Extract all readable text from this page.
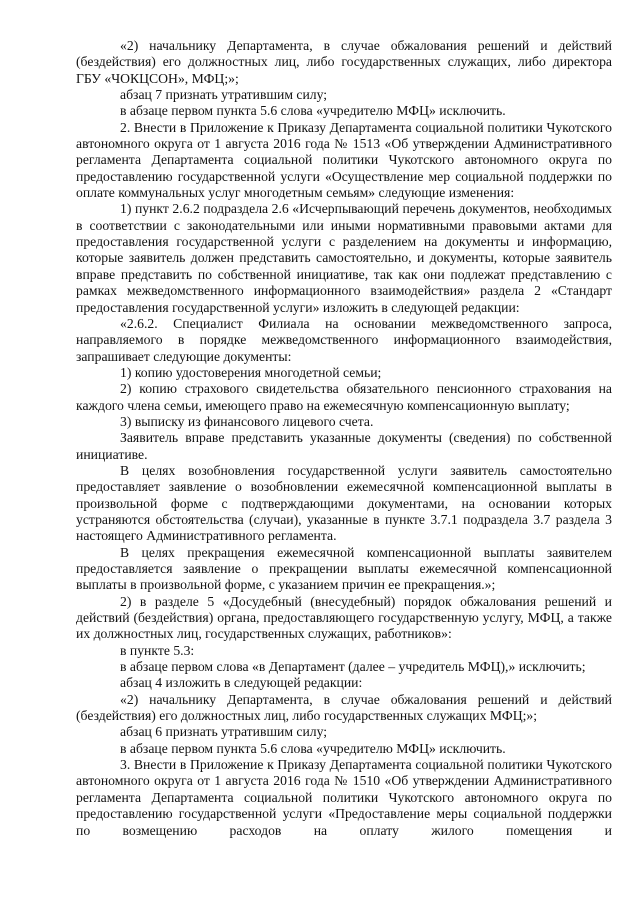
«2) начальнику Департамента, в случае обжалования решений и действий (бездействия) его должностных лиц, либо государственных служащих, либо директора ГБУ «ЧОКЦСОН», МФЦ;»;

абзац 7 признать утратившим силу;

в абзаце первом пункта 5.6 слова «учредителю МФЦ» исключить.

2. Внести в Приложение к Приказу Департамента социальной политики Чукотского автономного округа от 1 августа 2016 года № 1513 «Об утверждении Административного регламента Департамента социальной политики Чукотского автономного округа по предоставлению государственной услуги «Осуществление мер социальной поддержки по оплате коммунальных услуг многодетным семьям» следующие изменения:

1) пункт 2.6.2 подраздела 2.6 «Исчерпывающий перечень документов, необходимых в соответствии с законодательными или иными нормативными правовыми актами для предоставления государственной услуги с разделением на документы и информацию, которые заявитель должен представить самостоятельно, и документы, которые заявитель вправе представить по собственной инициативе, так как они подлежат представлению с рамках межведомственного информационного взаимодействия» раздела 2 «Стандарт предоставления государственной услуги» изложить в следующей редакции:

«2.6.2. Специалист Филиала на основании межведомственного запроса, направляемого в порядке межведомственного информационного взаимодействия, запрашивает следующие документы:

1) копию удостоверения многодетной семьи;

2) копию страхового свидетельства обязательного пенсионного страхования на каждого члена семьи, имеющего право на ежемесячную компенсационную выплату;

3) выписку из финансового лицевого счета.

Заявитель вправе представить указанные документы (сведения) по собственной инициативе.

В целях возобновления государственной услуги заявитель самостоятельно предоставляет заявление о возобновлении ежемесячной компенсационной выплаты в произвольной форме с подтверждающими документами, на основании которых устраняются обстоятельства (случаи), указанные в пункте 3.7.1 подраздела 3.7 раздела 3 настоящего Административного регламента.

В целях прекращения ежемесячной компенсационной выплаты заявителем предоставляется заявление о прекращении выплаты ежемесячной компенсационной выплаты в произвольной форме, с указанием причин ее прекращения.»;

2) в разделе 5 «Досудебный (внесудебный) порядок обжалования решений и действий (бездействия) органа, предоставляющего государственную услугу, МФЦ, а также их должностных лиц, государственных служащих, работников»:

в пункте 5.3:

в абзаце первом слова «в Департамент (далее – учредитель МФЦ),» исключить;

абзац 4 изложить в следующей редакции:

«2) начальнику Департамента, в случае обжалования решений и действий (бездействия) его должностных лиц, либо государственных служащих МФЦ;»;

абзац 6 признать утратившим силу;

в абзаце первом пункта 5.6 слова «учредителю МФЦ» исключить.

3. Внести в Приложение к Приказу Департамента социальной политики Чукотского автономного округа от 1 августа 2016 года № 1510 «Об утверждении Административного регламента Департамента социальной политики Чукотского автономного округа по предоставлению государственной услуги «Предоставление меры социальной поддержки по возмещению расходов на оплату жилого помещения и
